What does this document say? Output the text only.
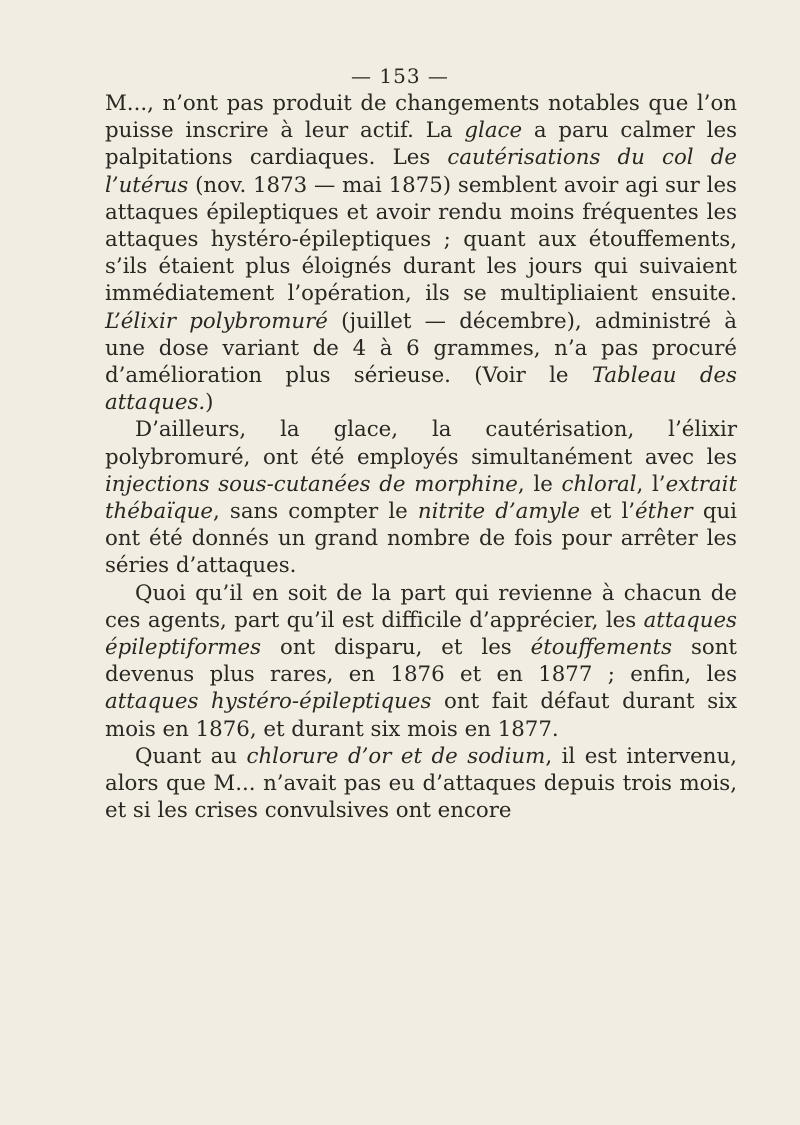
— 153 —

M..., n’ont pas produit de changements notables que l’on puisse inscrire à leur actif. La glace a paru calmer les palpitations cardiaques. Les cautérisations du col de l’utérus (nov. 1873 — mai 1875) semblent avoir agi sur les attaques épileptiques et avoir rendu moins fréquentes les attaques hystéro-épileptiques ; quant aux étouffements, s’ils étaient plus éloignés durant les jours qui suivaient immédiatement l’opération, ils se multipliaient ensuite. L’élixir polybromuré (juillet — décembre), administré à une dose variant de 4 à 6 grammes, n’a pas procuré d’amélioration plus sérieuse. (Voir le Tableau des attaques.)

D’ailleurs, la glace, la cautérisation, l’élixir polybromuré, ont été employés simultanément avec les injections sous-cutanées de morphine, le chloral, l’extrait thébaïque, sans compter le nitrite d’amyle et l’éther qui ont été donnés un grand nombre de fois pour arrêter les séries d’attaques.

Quoi qu’il en soit de la part qui revienne à chacun de ces agents, part qu’il est difficile d’apprécier, les attaques épileptiformes ont disparu, et les étouffements sont devenus plus rares, en 1876 et en 1877 ; enfin, les attaques hystéro-épileptiques ont fait défaut durant six mois en 1876, et durant six mois en 1877.

Quant au chlorure d’or et de sodium, il est intervenu, alors que M... n’avait pas eu d’attaques depuis trois mois, et si les crises convulsives ont encore
